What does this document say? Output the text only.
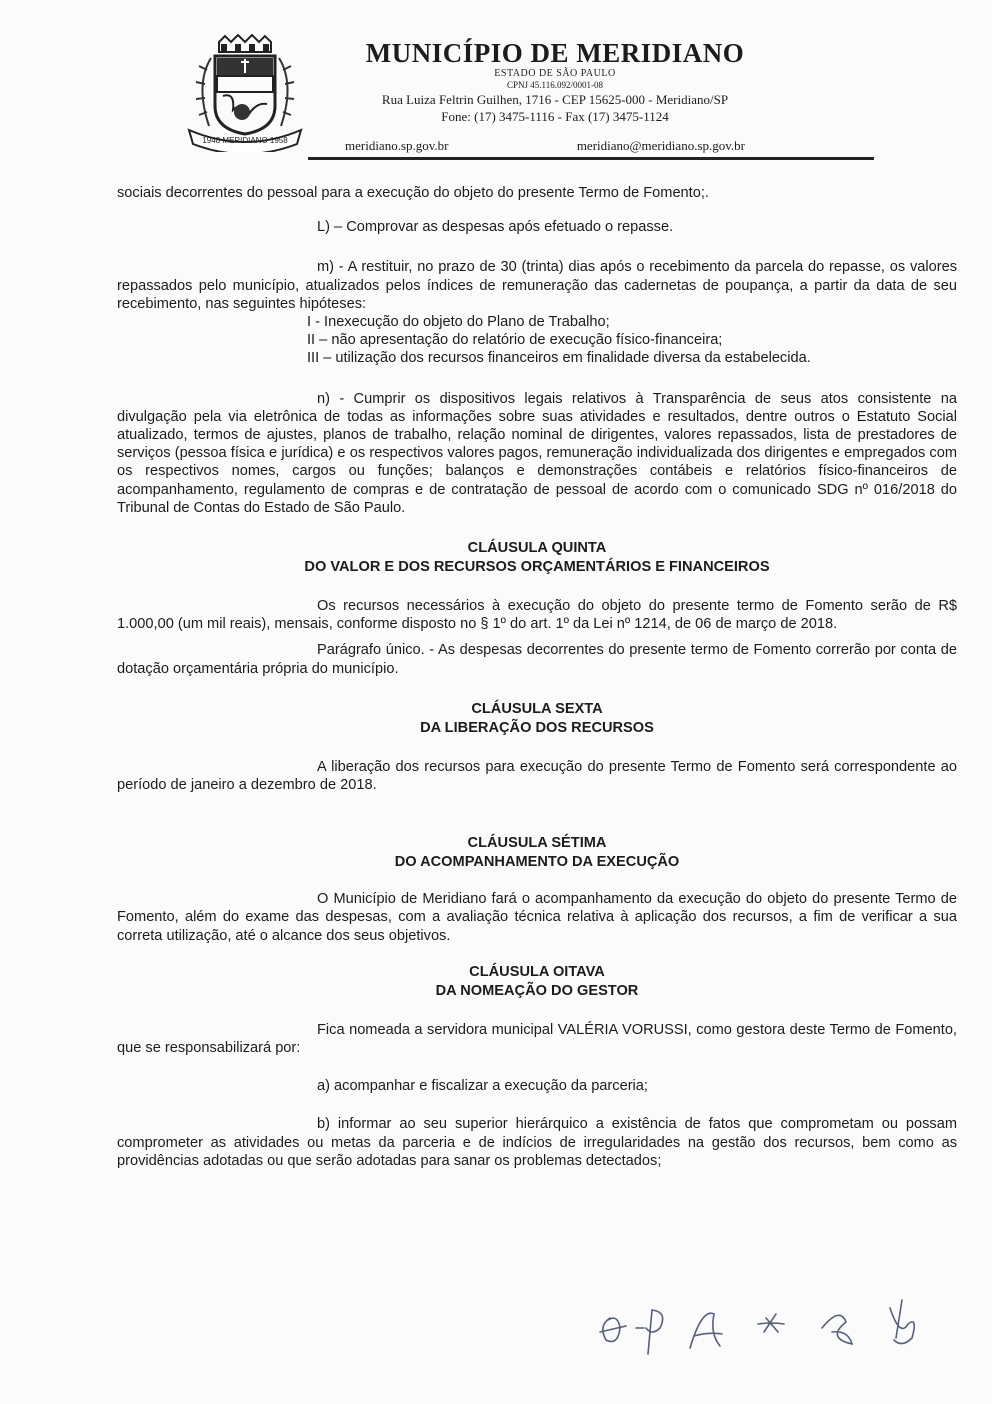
1948 MERIDIANO 1958
MUNICÍPIO DE MERIDIANO
ESTADO DE SÃO PAULO
CPNJ 45.116.092/0001-08
Rua Luiza Feltrin Guilhen, 1716 - CEP 15625-000 - Meridiano/SP
Fone: (17) 3475-1116 - Fax (17) 3475-1124
meridiano.sp.gov.br	meridiano@meridiano.sp.gov.br

sociais decorrentes do pessoal para a execução do objeto do presente Termo de Fomento;.

L) – Comprovar as despesas após efetuado o repasse.

m) - A restituir, no prazo de 30 (trinta) dias após o recebimento da parcela do repasse, os valores repassados pelo município, atualizados pelos índices de remuneração das cadernetas de poupança, a partir da data de seu recebimento, nas seguintes hipóteses:

I - Inexecução do objeto do Plano de Trabalho;
II – não apresentação do relatório de execução físico-financeira;
III – utilização dos recursos financeiros em finalidade diversa da estabelecida.

n) - Cumprir os dispositivos legais relativos à Transparência de seus atos consistente na divulgação pela via eletrônica de todas as informações sobre suas atividades e resultados, dentre outros o Estatuto Social atualizado, termos de ajustes, planos de trabalho, relação nominal de dirigentes, valores repassados, lista de prestadores de serviços (pessoa física e jurídica) e os respectivos valores pagos, remuneração individualizada dos dirigentes e empregados com os respectivos nomes, cargos ou funções; balanços e demonstrações contábeis e relatórios físico-financeiros de acompanhamento, regulamento de compras e de contratação de pessoal de acordo com o comunicado SDG nº 016/2018 do Tribunal de Contas do Estado de São Paulo.

CLÁUSULA QUINTA

DO VALOR E DOS RECURSOS ORÇAMENTÁRIOS E FINANCEIROS

Os recursos necessários à execução do objeto do presente termo de Fomento serão de R$ 1.000,00 (um mil reais), mensais, conforme disposto no § 1º do art. 1º da Lei nº 1214, de 06 de março de 2018.

Parágrafo único. - As despesas decorrentes do presente termo de Fomento correrão por conta de dotação orçamentária própria do município.

CLÁUSULA SEXTA

DA LIBERAÇÃO DOS RECURSOS

A liberação dos recursos para execução do presente Termo de Fomento será correspondente ao período de janeiro a dezembro de 2018.

CLÁUSULA SÉTIMA

DO ACOMPANHAMENTO DA EXECUÇÃO

O Município de Meridiano fará o acompanhamento da execução do objeto do presente Termo de Fomento, além do exame das despesas, com a avaliação técnica relativa à aplicação dos recursos, a fim de verificar a sua correta utilização, até o alcance dos seus objetivos.

CLÁUSULA OITAVA

DA NOMEAÇÃO DO GESTOR

Fica nomeada a servidora municipal VALÉRIA VORUSSI, como gestora deste Termo de Fomento, que se responsabilizará por:

a) acompanhar e fiscalizar a execução da parceria;

b) informar ao seu superior hierárquico a existência de fatos que comprometam ou possam comprometer as atividades ou metas da parceria e de indícios de irregularidades na gestão dos recursos, bem como as providências adotadas ou que serão adotadas para sanar os problemas detectados;
